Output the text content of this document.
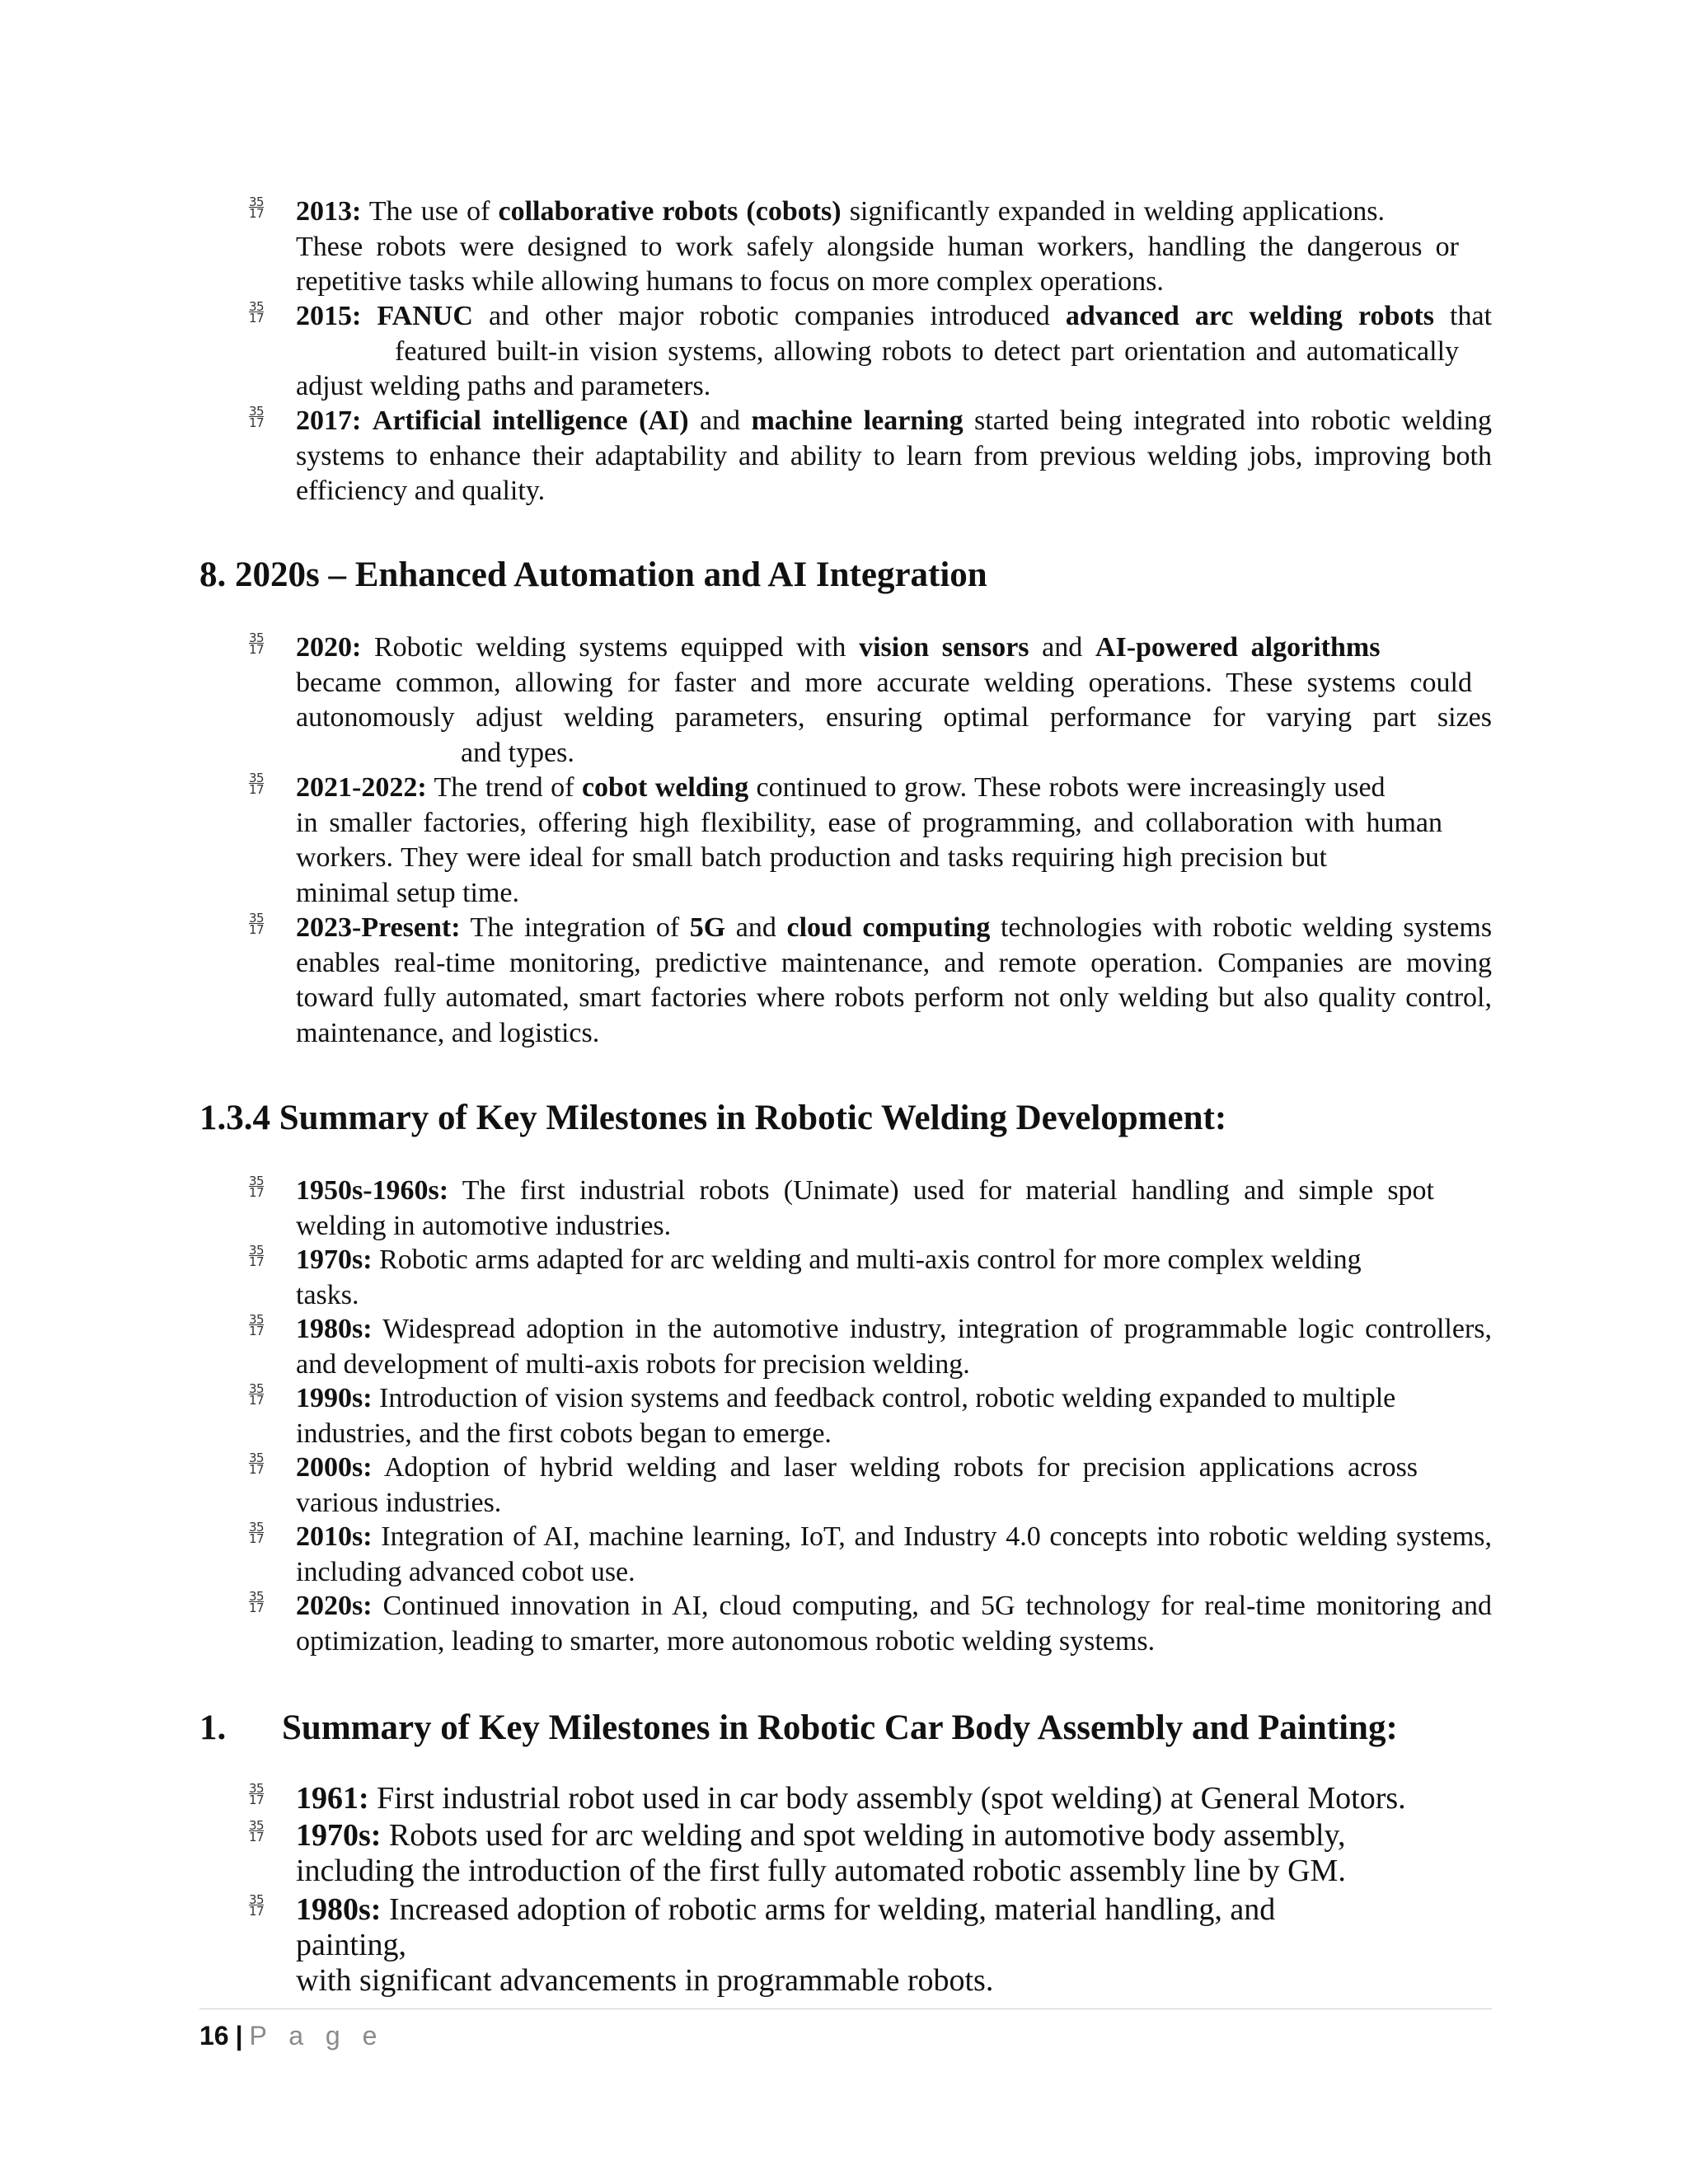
35
17 2013: The use of collaborative robots (cobots) significantly expanded in welding applications. These robots were designed to work safely alongside human workers, handling the dangerous orrepetitive tasks while allowing humans to focus on more complex operations.
35
17 2015: FANUC and other major robotic companies introduced advanced arc welding robots that featured built-in vision systems, allowing robots to detect part orientation and automaticallyadjust welding paths and parameters.
35
17 2017: Artificial intelligence (AI) and machine learning started being integrated into robotic welding systems to enhance their adaptability and ability to learn from previous welding jobs, improving both efficiency and quality.
8. 2020s – Enhanced Automation and AI Integration
35
17 2020: Robotic welding systems equipped with vision sensors and AI-powered algorithms became common, allowing for faster and more accurate welding operations. These systems couldautonomously adjust welding parameters, ensuring optimal performance for varying part sizesand types.
35
17 2021-2022: The trend of cobot welding continued to grow. These robots were increasingly used in smaller factories, offering high flexibility, ease of programming, and collaboration with humanworkers. They were ideal for small batch production and tasks requiring high precision butminimal setup time.
35
17 2023-Present: The integration of 5G and cloud computing technologies with robotic welding systems enables real-time monitoring, predictive maintenance, and remote operation. Companies are moving toward fully automated, smart factories where robots perform not only welding but also quality control, maintenance, and logistics.
1.3.4 Summary of Key Milestones in Robotic Welding Development:
35
17 1950s-1960s: The first industrial robots (Unimate) used for material handling and simple spot welding in automotive industries.
35
17 1970s: Robotic arms adapted for arc welding and multi-axis control for more complex welding tasks.
35
17 1980s: Widespread adoption in the automotive industry, integration of programmable logic controllers, and development of multi-axis robots for precision welding.
35
17 1990s: Introduction of vision systems and feedback control, robotic welding expanded to multiple industries, and the first cobots began to emerge.
35
17 2000s: Adoption of hybrid welding and laser welding robots for precision applications across various industries.
35
17 2010s: Integration of AI, machine learning, IoT, and Industry 4.0 concepts into robotic welding systems, including advanced cobot use.
35
17 2020s: Continued innovation in AI, cloud computing, and 5G technology for real-time monitoring and optimization, leading to smarter, more autonomous robotic welding systems.
1. Summary of Key Milestones in Robotic Car Body Assembly and Painting:
35
17 1961: First industrial robot used in car body assembly (spot welding) at General Motors.
35
17 1970s: Robots used for arc welding and spot welding in automotive body assembly,
including the introduction of the first fully automated robotic assembly line by GM.
35
17 1980s: Increased adoption of robotic arms for welding, material handling, and
painting,
with significant advancements in programmable robots.
16 | P a g e
